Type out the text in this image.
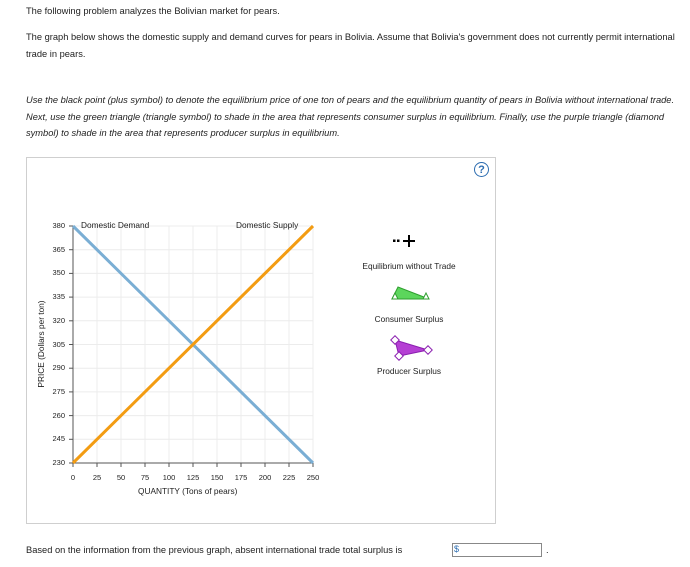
The following problem analyzes the Bolivian market for pears.

The graph below shows the domestic supply and demand curves for pears in Bolivia. Assume that Bolivia's government does not currently permit international trade in pears.

Use the black point (plus symbol) to denote the equilibrium price of one ton of pears and the equilibrium quantity of pears in Bolivia without international trade. Next, use the green triangle (triangle symbol) to shade in the area that represents consumer surplus in equilibrium. Finally, use the purple triangle (diamond symbol) to shade in the area that represents producer surplus in equilibrium.

?
230
245
260
275
290
305
320
335
350
365
380
0	25	50	75	100	125	150	175	200	225	250
QUANTITY (Tons of pears)
PRICE (Dollars per ton)
Domestic Demand	Domestic Supply
Equilibrium without Trade
Consumer Surplus
Producer Surplus
Based on the information from the previous graph, absent international trade total surplus is	$	.
